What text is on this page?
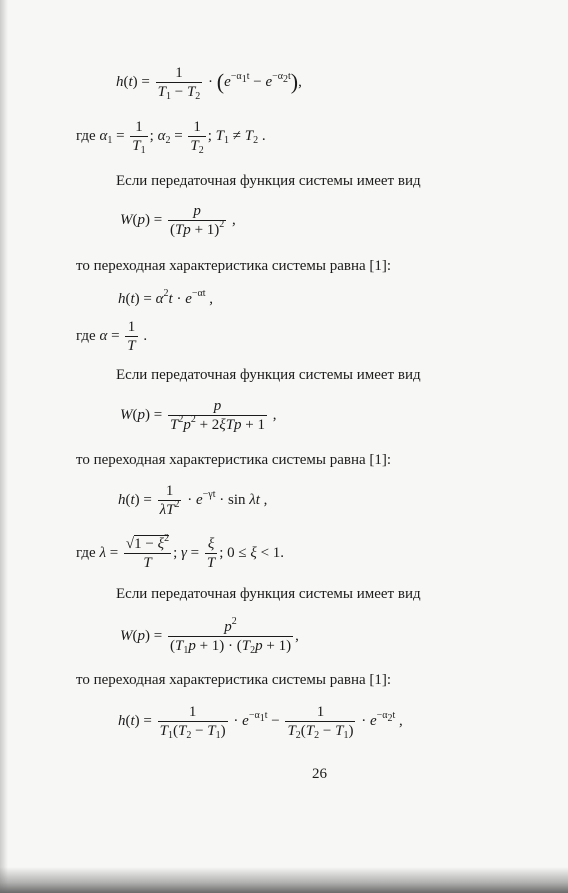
$h(t) = \frac{1}{T_1 - T_2} \cdot (e^{-\alpha_1t} - e^{-\alpha_2t})$,
где $\alpha_1 = \frac{1}{T_1}$ ; $\alpha_2 = \frac{1}{T_2}$ ; $T_1 \ne T_2$ .
Если передаточная функция системы имеет вид
$W(p) = \frac{p}{(Tp + 1)^2}$ ,
то переходная характеристика системы равна [1]:
$h(t) = \alpha^2t \cdot e^{-\alpha t}$ ,
где $\alpha = \frac{1}{T}$ .
Если передаточная функция системы имеет вид
$W(p) = \frac{p}{T^2p^2 + 2\xi Tp + 1}$ ,
то переходная характеристика системы равна [1]:
$h(t) = \frac{1}{\lambda T^2} \cdot e^{-\gamma t} \cdot \sin \lambda t$ ,
где $\lambda = \frac{√1 - \xi^2}{T}$ ; $\gamma = \frac{\xi}{T}$ ; 0 ≤ ξ < 1.
Если передаточная функция системы имеет вид
$W(p) = \frac{p^2}{(T_1p + 1) \cdot (T_2p + 1)}$ ,
то переходная характеристика системы равна [1]:
$h(t) = \frac{1}{T_1(T_2 - T_1)} \cdot e^{-\alpha_1t} - \frac{1}{T_2(T_2 - T_1)} \cdot e^{-\alpha_2t}$ ,
26
